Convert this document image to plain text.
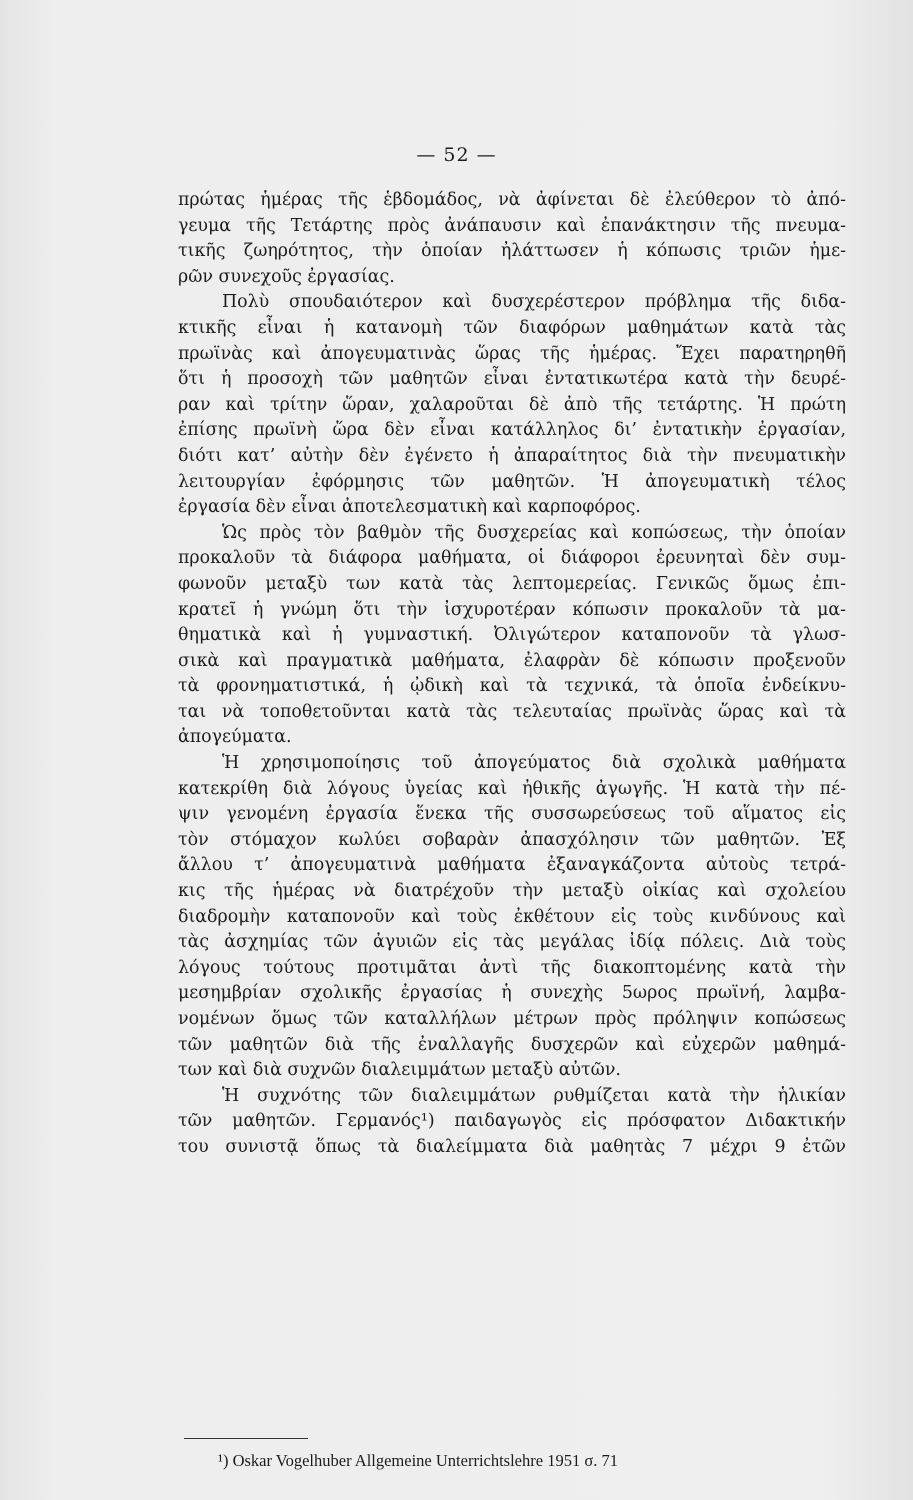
— 52 —
πρώτας ἡμέρας τῆς ἑβδομάδος, νὰ ἀφίνεται δὲ ἐλεύθερον τὸ ἀπό-
γευμα τῆς Τετάρτης πρὸς ἀνάπαυσιν καὶ ἐπανάκτησιν τῆς πνευμα-
τικῆς ζωηρότητος, τὴν ὁποίαν ἠλάττωσεν ἡ κόπωσις τριῶν ἡμε-
ρῶν συνεχοῦς ἐργασίας.
Πολὺ σπουδαιότερον καὶ δυσχερέστερον πρόβλημα τῆς διδα-
κτικῆς εἶναι ἡ κατανομὴ τῶν διαφόρων μαθημάτων κατὰ τὰς
πρωϊνὰς καὶ ἀπογευματινὰς ὥρας τῆς ἡμέρας. Ἔχει παρατηρηθῆ
ὅτι ἡ προσοχὴ τῶν μαθητῶν εἶναι ἐντατικωτέρα κατὰ τὴν δευρέ-
ραν καὶ τρίτην ὥραν, χαλαροῦται δὲ ἀπὸ τῆς τετάρτης. Ἡ πρώτη
ἐπίσης πρωϊνὴ ὥρα δὲν εἶναι κατάλληλος δι’ ἐντατικὴν ἐργασίαν,
διότι κατ’ αὐτὴν δὲν ἐγένετο ἡ ἀπαραίτητος διὰ τὴν πνευματικὴν
λειτουργίαν ἐφόρμησις τῶν μαθητῶν. Ἡ ἀπογευματικὴ τέλος
ἐργασία δὲν εἶναι ἀποτελεσματικὴ καὶ καρποφόρος.
Ὡς πρὸς τὸν βαθμὸν τῆς δυσχερείας καὶ κοπώσεως, τὴν ὁποίαν
προκαλοῦν τὰ διάφορα μαθήματα, οἱ διάφοροι ἐρευνηταὶ δὲν συμ-
φωνοῦν μεταξὺ των κατὰ τὰς λεπτομερείας. Γενικῶς ὅμως ἐπι-
κρατεῖ ἡ γνώμη ὅτι τὴν ἰσχυροτέραν κόπωσιν προκαλοῦν τὰ μα-
θηματικὰ καὶ ἡ γυμναστική. Ὀλιγώτερον καταπονοῦν τὰ γλωσ-
σικὰ καὶ πραγματικὰ μαθήματα, ἐλαφρὰν δὲ κόπωσιν προξενοῦν
τὰ φρονηματιστικά, ἡ ᾠδικὴ καὶ τὰ τεχνικά, τὰ ὁποῖα ἐνδείκνυ-
ται νὰ τοποθετοῦνται κατὰ τὰς τελευταίας πρωϊνὰς ὥρας καὶ τὰ
ἀπογεύματα.
Ἡ χρησιμοποίησις τοῦ ἀπογεύματος διὰ σχολικὰ μαθήματα
κατεκρίθη διὰ λόγους ὑγείας καὶ ἠθικῆς ἀγωγῆς. Ἡ κατὰ τὴν πέ-
ψιν γενομένη ἐργασία ἕνεκα τῆς συσσωρεύσεως τοῦ αἵματος εἰς
τὸν στόμαχον κωλύει σοβαρὰν ἀπασχόλησιν τῶν μαθητῶν. Ἐξ
ἄλλου τ’ ἀπογευματινὰ μαθήματα ἐξαναγκάζοντα αὐτοὺς τετρά-
κις τῆς ἡμέρας νὰ διατρέχοῦν τὴν μεταξὺ οἰκίας καὶ σχολείου
διαδρομὴν καταπονοῦν καὶ τοὺς ἐκθέτουν εἰς τοὺς κινδύνους καὶ
τὰς ἀσχημίας τῶν ἀγυιῶν εἰς τὰς μεγάλας ἰδίᾳ πόλεις. Διὰ τοὺς
λόγους τούτους προτιμᾶται ἀντὶ τῆς διακοπτομένης κατὰ τὴν
μεσημβρίαν σχολικῆς ἐργασίας ἡ συνεχὴς 5ωρος πρωϊνή, λαμβα-
νομένων ὅμως τῶν καταλλήλων μέτρων πρὸς πρόληψιν κοπώσεως
τῶν μαθητῶν διὰ τῆς ἐναλλαγῆς δυσχερῶν καὶ εὐχερῶν μαθημά-
των καὶ διὰ συχνῶν διαλειμμάτων μεταξὺ αὐτῶν.
Ἡ συχνότης τῶν διαλειμμάτων ρυθμίζεται κατὰ τὴν ἡλικίαν
τῶν μαθητῶν. Γερμανός¹) παιδαγωγὸς εἰς πρόσφατον Διδακτικήν
του συνιστᾷ ὅπως τὰ διαλείμματα διὰ μαθητὰς 7 μέχρι 9 ἐτῶν
¹) Oskar Vogelhuber Allgemeine Unterrichtslehre 1951 σ. 71
